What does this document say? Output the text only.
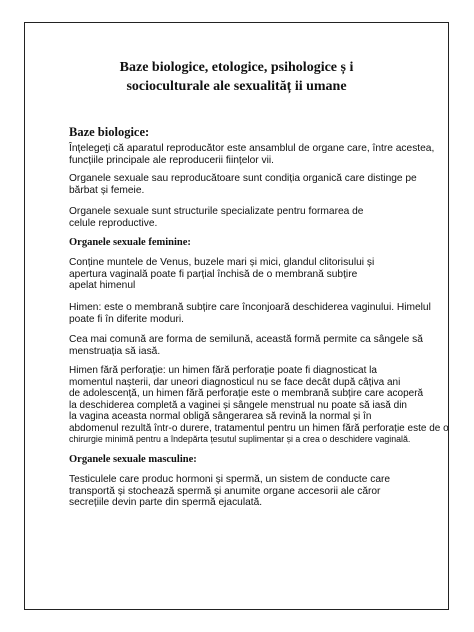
Baze biologice, etologice, psihologice ș i
socioculturale ale sexualităț ii umane
Baze biologice:

Înțelegeți că aparatul reproducător este ansamblul de organe care, între acestea,
funcțiile principale ale reproducerii ființelor vii.

Organele sexuale sau reproducătoare sunt condiția organică care distinge pe
bărbat și femeie.

Organele sexuale sunt structurile specializate pentru formarea de
celule reproductive.

Organele sexuale feminine:

Conține muntele de Venus, buzele mari și mici, glandul clitorisului și
apertura vaginală poate fi parțial închisă de o membrană subțire
apelat himenul

Himen: este o membrană subțire care înconjoară deschiderea vaginului. Himelul
poate fi în diferite moduri.

Cea mai comună are forma de semilună, această formă permite ca sângele să
menstruația să iasă.

Himen fără perforație: un himen fără perforație poate fi diagnosticat la
momentul nașterii, dar uneori diagnosticul nu se face decât după câțiva ani
de adolescență, un himen fără perforație este o membrană subțire care acoperă
la deschiderea completă a vaginei și sângele menstrual nu poate să iasă din
la vagina aceasta normal obligă sângerarea să revină la normal și în
abdomenul rezultă într-o durere, tratamentul pentru un himen fără perforație este de o
chirurgie minimă pentru a îndepărta țesutul suplimentar și a crea o deschidere vaginală.

Organele sexuale masculine:

Testiculele care produc hormoni și spermă, un sistem de conducte care
transportă și stochează spermă și anumite organe accesorii ale căror
secrețiile devin parte din spermă ejaculată.
